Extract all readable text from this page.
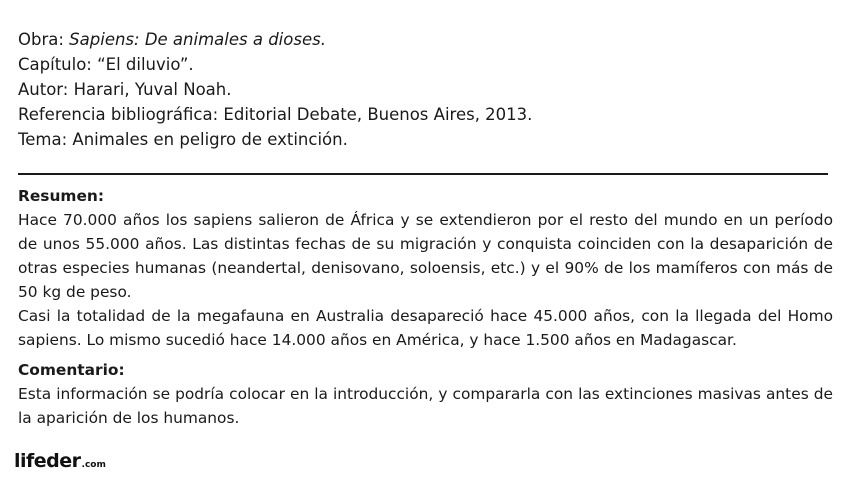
Obra: Sapiens: De animales a dioses.
Capítulo: “El diluvio”.
Autor: Harari, Yuval Noah.
Referencia bibliográfica: Editorial Debate, Buenos Aires, 2013.
Tema: Animales en peligro de extinción.

Resumen:

Hace 70.000 años los sapiens salieron de África y se extendieron por el resto del mundo en un período de unos 55.000 años. Las distintas fechas de su migración y conquista coinciden con la desaparición de otras especies humanas (neandertal, denisovano, soloensis, etc.) y el 90% de los mamíferos con más de 50 kg de peso.

Casi la totalidad de la megafauna en Australia desapareció hace 45.000 años, con la llegada del Homo sapiens. Lo mismo sucedió hace 14.000 años en América, y hace 1.500 años en Madagascar.

Comentario:

Esta información se podría colocar en la introducción, y compararla con las extinciones masivas antes de la aparición de los humanos.

lifeder .com
